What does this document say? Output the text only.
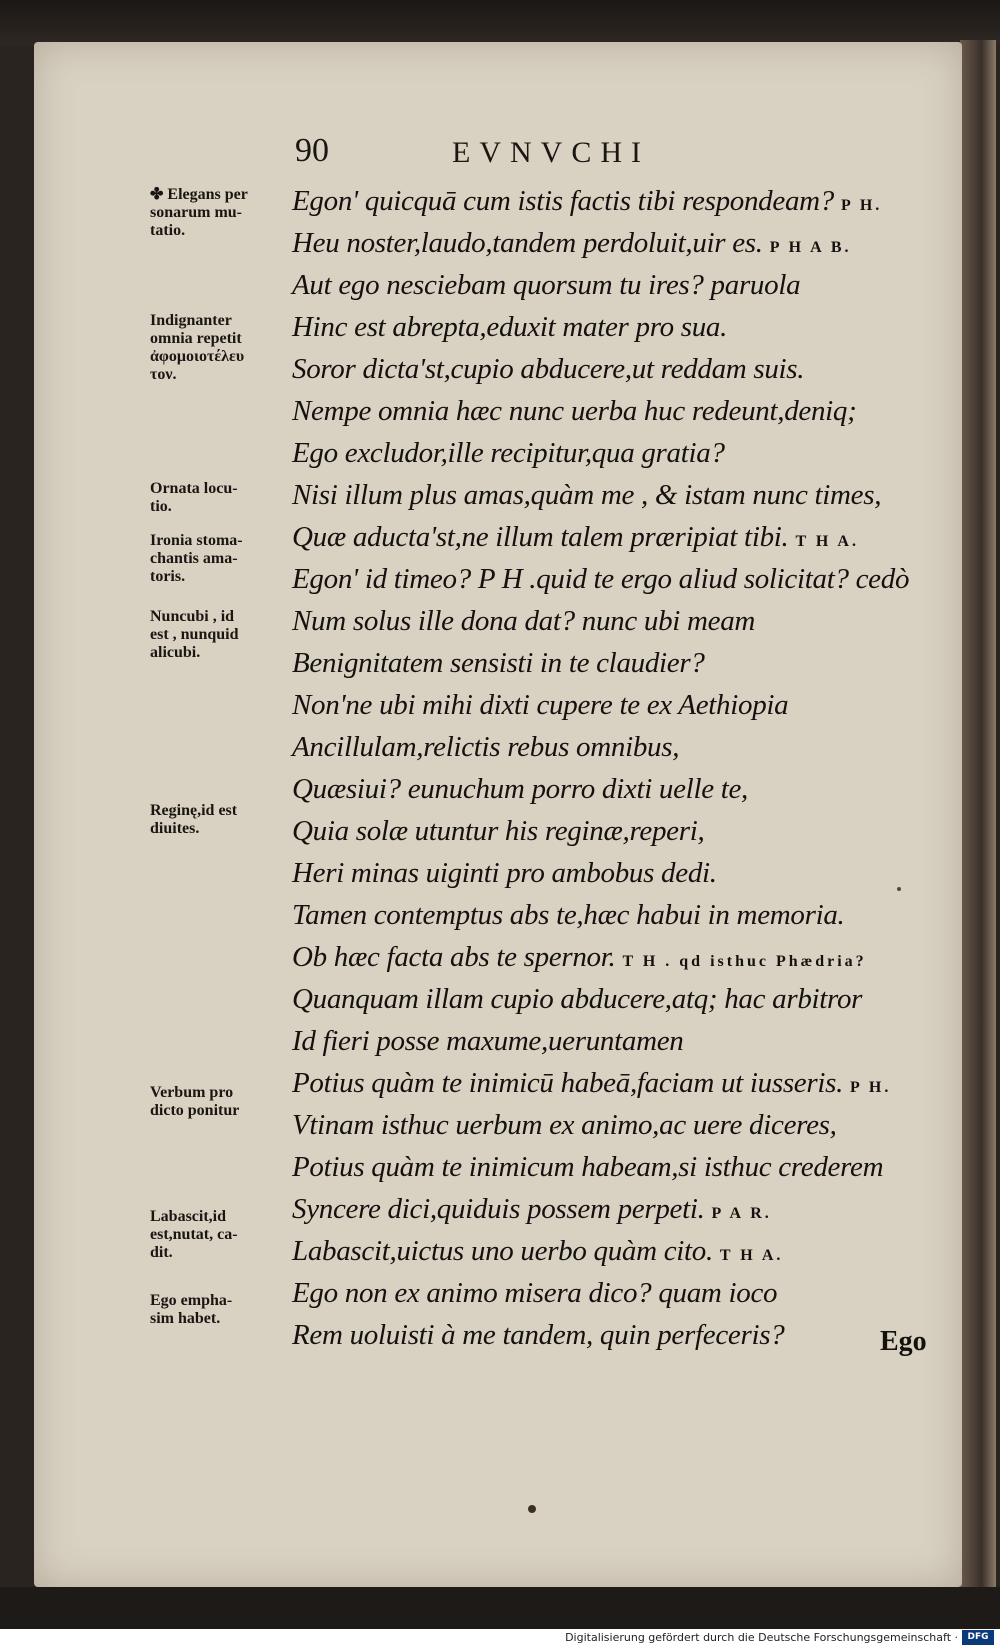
90	EVNVCHI
✤ Elegans per
sonarum mu-
tatio.
Indignanter
omnia repetit
ἀφομοιοτέλευ
τον.
Ornata locu-
tio.
Ironia stoma-
chantis ama-
toris.
Nuncubi , id
est , nunquid
alicubi.
Reginę,id est
diuites.
Verbum pro
dicto ponitur
Labascit,id
est,nutat, ca-
dit.
Ego empha-
sim habet.
Egon' quicquā cum istis factis tibi respondeam? P H.
Heu noster,laudo,tandem perdoluit,uir es. P H A B.
Aut ego nesciebam quorsum tu ires? paruola
Hinc est abrepta,eduxit mater pro sua.
Soror dicta'st,cupio abducere,ut reddam suis.
Nempe omnia hæc nunc uerba huc redeunt,deniq;
Ego excludor,ille recipitur,qua gratia?
Nisi illum plus amas,quàm me , & istam nunc times,
Quæ aducta'st,ne illum talem præripiat tibi. T H A.
Egon' id timeo? P H .quid te ergo aliud solicitat? cedò
Num solus ille dona dat? nunc ubi meam
Benignitatem sensisti in te claudier?
Non'ne ubi mihi dixti cupere te ex Aethiopia
Ancillulam,relictis rebus omnibus,
Quæsiui? eunuchum porro dixti uelle te,
Quia solæ utuntur his reginæ,reperi,
Heri minas uiginti pro ambobus dedi.
Tamen contemptus abs te,hæc habui in memoria.
Ob hæc facta abs te spernor. T H . qd isthuc Phædria?
Quanquam illam cupio abducere,atq; hac arbitror
Id fieri posse maxume,ueruntamen
Potius quàm te inimicū habeā,faciam ut iusseris. P H.
Vtinam isthuc uerbum ex animo,ac uere diceres,
Potius quàm te inimicum habeam,si isthuc crederem
Syncere dici,quiduis possem perpeti. P A R.
Labascit,uictus uno uerbo quàm cito. T H A.
Ego non ex animo misera dico? quam ioco
Rem uoluisti à me tandem, quin perfeceris?	Ego
Digitalisierung gefördert durch die Deutsche Forschungsgemeinschaft ·	DFG
